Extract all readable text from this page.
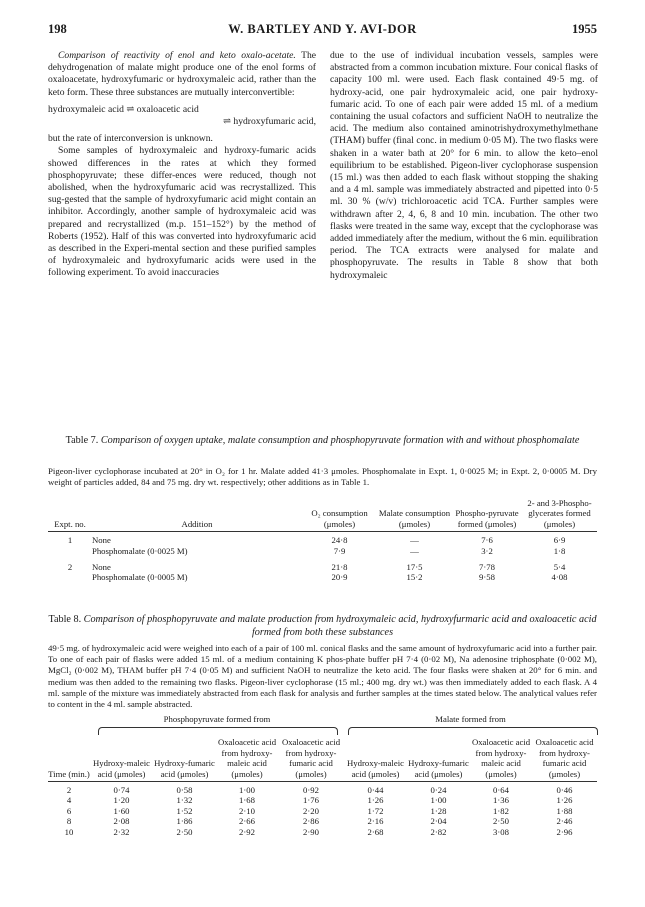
198	W. BARTLEY AND Y. AVI-DOR	1955

Comparison of reactivity of enol and keto oxalo-acetate. The dehydrogenation of malate might produce one of the enol forms of oxaloacetate, hydroxyfumaric or hydroxymaleic acid, rather than the keto form. These three substances are mutually interconvertible:

hydroxymaleic acid ⇌ oxaloacetic acid
⇌ hydroxyfumaric acid,

but the rate of interconversion is unknown.

Some samples of hydroxymaleic and hydroxy-fumaric acids showed differences in the rates at which they formed phosphopyruvate; these differ-ences were reduced, though not abolished, when the hydroxyfumaric acid was recrystallized. This sug-gested that the sample of hydroxyfumaric acid might contain an inhibitor. Accordingly, another sample of hydroxymaleic acid was prepared and recrystallized (m.p. 151–152°) by the method of Roberts (1952). Half of this was converted into hydroxyfumaric acid as described in the Experi-mental section and these purified samples of hydroxymaleic and hydroxyfumaric acids were used in the following experiment. To avoid inaccuracies

due to the use of individual incubation vessels, samples were abstracted from a common incubation mixture. Four conical flasks of capacity 100 ml. were used. Each flask contained 49·5 mg. of hydroxy-acid, one pair hydroxymaleic acid, one pair hydroxy-fumaric acid. To one of each pair were added 15 ml. of a medium containing the usual cofactors and sufficient NaOH to neutralize the acid. The medium also contained aminotrishydroxymethylmethane (THAM) buffer (final conc. in medium 0·05 M). The two flasks were shaken in a water bath at 20° for 6 min. to allow the keto–enol equilibrium to be established. Pigeon-liver cyclophorase suspension (15 ml.) was then added to each flask without stopping the shaking and a 4 ml. sample was immediately abstracted and pipetted into 0·5 ml. 30 % (w/v) trichloroacetic acid TCA. Further samples were withdrawn after 2, 4, 6, 8 and 10 min. incubation. The other two flasks were treated in the same way, except that the cyclophorase was added immediately after the medium, without the 6 min. equilibration period. The TCA extracts were analysed for malate and phosphopyruvate. The results in Table 8 show that both hydroxymaleic

Table 7. Comparison of oxygen uptake, malate consumption and phosphopyruvate formation with and without phosphomalate
Pigeon-liver cyclophorase incubated at 20° in O₂ for 1 hr. Malate added 41·3 μmoles. Phosphomalate in Expt. 1, 0·0025 M; in Expt. 2, 0·0005 M. Dry weight of particles added, 84 and 75 mg. dry wt. respectively; other additions as in Table 1.
Expt. no.	Addition	O₂ consumption (μmoles)	Malate consumption (μmoles)	Phospho-pyruvate formed (μmoles)	2- and 3-Phospho-glycerates formed (μmoles)
1	None	24·8	—	7·6	6·9
	Phosphomalate (0·0025 M)	7·9	—	3·2	1·8
2	None	21·8	17·5	7·78	5·4
	Phosphomalate (0·0005 M)	20·9	15·2	9·58	4·08
Table 8. Comparison of phosphopyruvate and malate production from hydroxymaleic acid, hydroxyfurmaric acid and oxaloacetic acid formed from both these substances
49·5 mg. of hydroxymaleic acid were weighed into each of a pair of 100 ml. conical flasks and the same amount of hydroxyfumaric acid into a further pair. To one of each pair of flasks were added 15 ml. of a medium containing K phos-phate buffer pH 7·4 (0·02 M), Na adenosine triphosphate (0·002 M), MgCl₂ (0·002 M), THAM buffer pH 7·4 (0·05 M) and sufficient NaOH to neutralize the keto acid. The four flasks were shaken at 20° for 6 min. and medium was then added to the remaining two flasks. Pigeon-liver cyclophorase (15 ml.; 400 mg. dry wt.) was then immediately added to each flask. A 4 ml. sample of the mixture was immediately abstracted from each flask for analysis and further samples at the times stated below. The analytical values refer to content in the 4 ml. sample abstracted.
	Phosphopyruvate formed from				Malate formed from			

Time (min.)	Hydroxy-maleic acid (μmoles)	Hydroxy-fumaric acid (μmoles)	Oxaloacetic acid from hydroxy-maleic acid (μmoles)	Oxaloacetic acid from hydroxy-fumaric acid (μmoles)	Hydroxy-maleic acid (μmoles)	Hydroxy-fumaric acid (μmoles)	Oxaloacetic acid from hydroxy-maleic acid (μmoles)	Oxaloacetic acid from hydroxy-fumaric acid (μmoles)
2	0·74	0·58	1·00	0·92	0·44	0·24	0·64	0·46
4	1·20	1·32	1·68	1·76	1·26	1·00	1·36	1·26
6	1·60	1·52	2·10	2·20	1·72	1·28	1·82	1·88
8	2·08	1·86	2·66	2·86	2·16	2·04	2·50	2·46
10	2·32	2·50	2·92	2·90	2·68	2·82	3·08	2·96
